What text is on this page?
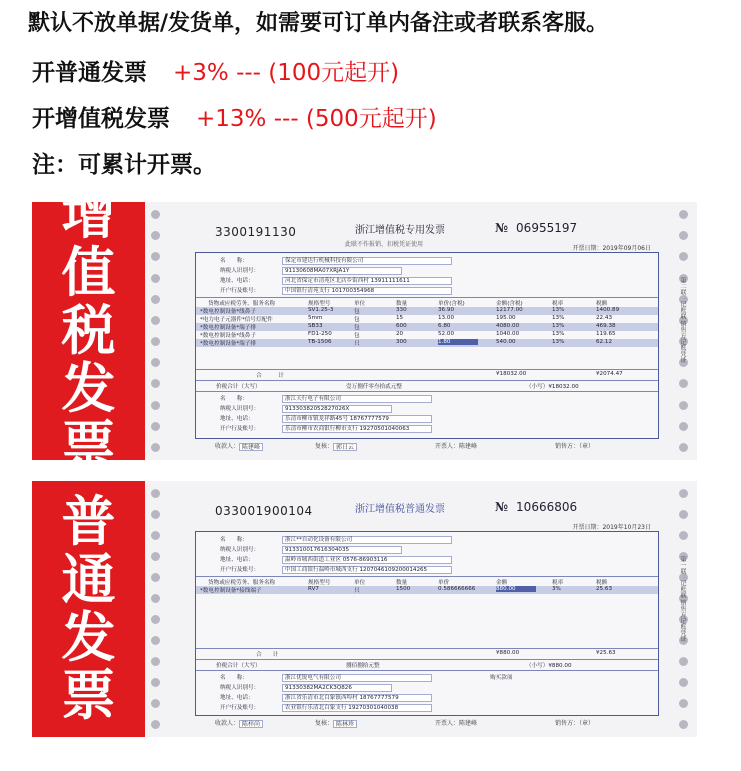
默认不放单据/发货单，如需要可订单内备注或者联系客服。
开普通发票 +3% --- (100元起开)
开增值税发票 +13% --- (500元起开)
注：可累计开票。
增
值
税
发
票
3300191130	浙江增值税专用发票
此联不作报销、扣税凭证使用
№ 06955197
开票日期：2019年09月06日
第二联：记账联 销售方记账凭证
名　　称：	保定市建达行机械科技有限公司
纳税人识别号：	91130608MA07XRJA1Y
地址、电话：	河北省保定市清苑区北店乡街西村 13911111611
开户行及账号：	中国银行清苑支行 101700354968
货物或应税劳务、服务名称	规格型号	单位	数量	单价(含税)	金额(含税)	税率	税额
*数电控制设备*线鼻子	SV1.25-3	包	330	36.90	12177.00	13%	1400.89
*电力电子元器件*信号灯配件	5mm	包	15	13.00	195.00	13%	22.43
*数电控制设备*端子排	SB33	包	600	6.80	4080.00	13%	469.38
*数电控制设备*线鼻子	FD1-250	包	20	52.00	1040.00	13%	119.65
*数电控制设备*端子排	TB-1506	只	300	1.80	540.00	13%	62.12
合　　　计	¥18032.00	¥2074.47
价税合计（大写）	壹万捌仟零叁拾贰元整	（小写）¥18032.00
名　　称：	浙江天行电子有限公司
纳税人识别号：	91330382052827026X
地址、电话：	乐清市柳市镇龙祥路45号 18767777579
开户行及账号：	乐清市柳市农商银行柳市支行 19270501040063
收款人： 陈建峰	复核： 郭日云	开票人：陈建峰	销售方：（章）
普
通
发
票
033001900104	浙江增值税普通发票	№ 10666806
开票日期：2019年10月23日
第一联：记账联 销售方记账凭证
名　　称：	浙江**自动化设备有限公司
纳税人识别号：	913310017616304035
地址、电话：	温岭市城西街道工业区 0576-86903116
开户行及账号：	中国工商银行温岭市城西支行 1207046109200014265
货物或应税劳务、服务名称	规格型号	单位	数量	单价	金额	税率	税额
*数电控制设备*接线端子	RV7	只	1500	0.586666666	880.00	3%	25.63
合　　计	¥880.00	¥25.63
价税合计（大写）	捌佰捌拾元整	（小写）¥880.00
名　　称：	浙江优锐电气有限公司	购买款项
纳税人识别号：	91330382MA2CK3Q826
地址、电话：	浙江省乐清市北白象镇西埠村 18767777579
开户行及账号：	农业银行乐清北白象支行 19270301040038
收款人： 陈梓尚	复核： 陈林珍	开票人：陈建峰	销售方：（章）
